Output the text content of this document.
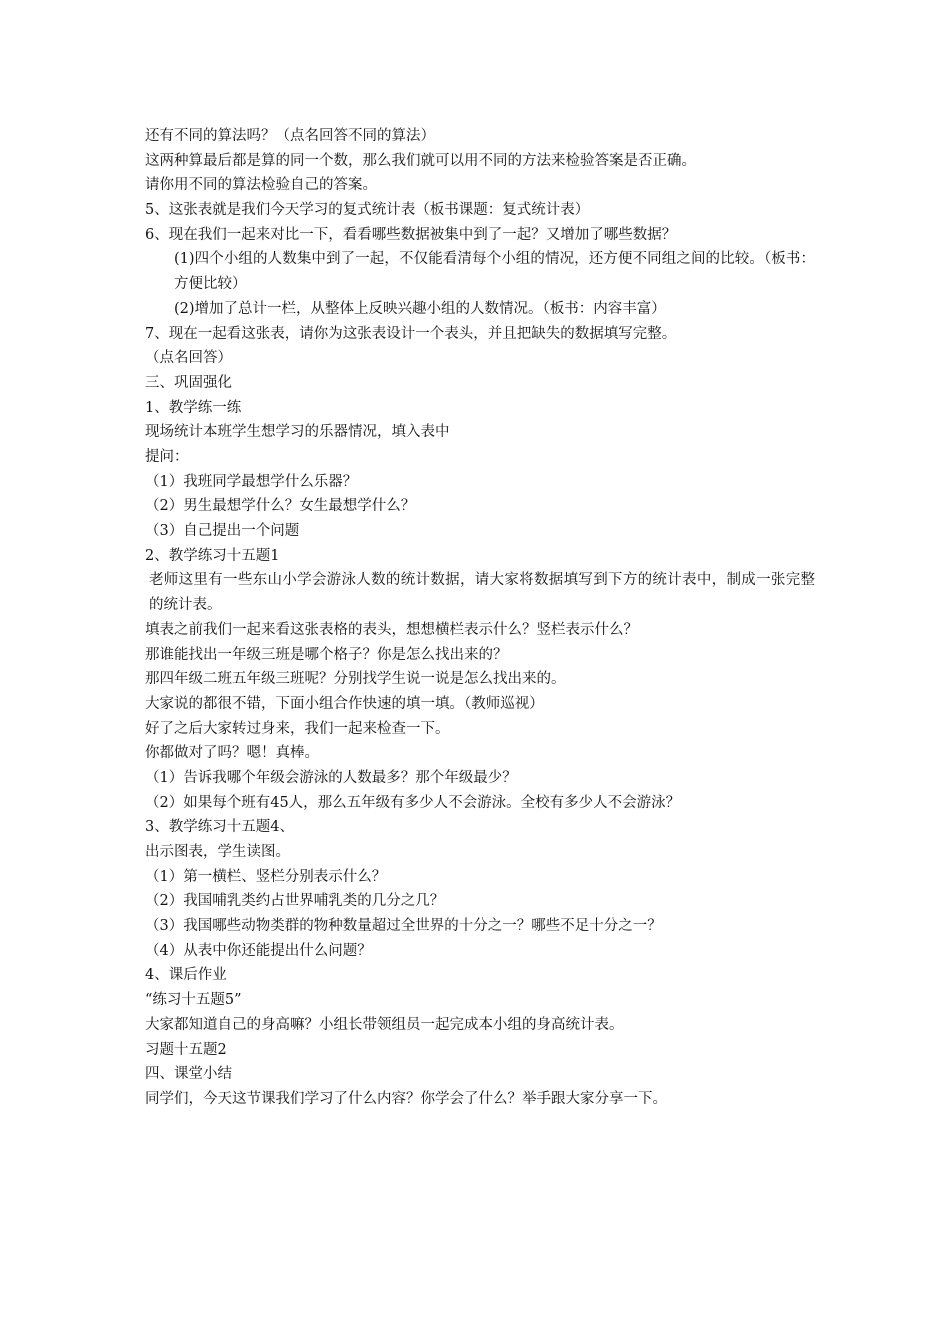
还有不同的算法吗？（点名回答不同的算法）
这两种算最后都是算的同一个数，那么我们就可以用不同的方法来检验答案是否正确。
请你用不同的算法检验自己的答案。
5、这张表就是我们今天学习的复式统计表（板书课题：复式统计表）
6、现在我们一起来对比一下，看看哪些数据被集中到了一起？又增加了哪些数据？
(1)四个小组的人数集中到了一起，不仅能看清每个小组的情况，还方便不同组之间的比较。（板书：方便比较）
(2)增加了总计一栏，从整体上反映兴趣小组的人数情况。（板书：内容丰富）
7、现在一起看这张表，请你为这张表设计一个表头，并且把缺失的数据填写完整。
（点名回答）
三、巩固强化
1、教学练一练
现场统计本班学生想学习的乐器情况，填入表中
提问：
（1）我班同学最想学什么乐器？
（2）男生最想学什么？女生最想学什么？
（3）自己提出一个问题
2、教学练习十五题1
老师这里有一些东山小学会游泳人数的统计数据，请大家将数据填写到下方的统计表中，制成一张完整的统计表。
填表之前我们一起来看这张表格的表头，想想横栏表示什么？竖栏表示什么？
那谁能找出一年级三班是哪个格子？你是怎么找出来的？
那四年级二班五年级三班呢？分别找学生说一说是怎么找出来的。
大家说的都很不错，下面小组合作快速的填一填。（教师巡视）
好了之后大家转过身来，我们一起来检查一下。
你都做对了吗？嗯！真棒。
（1）告诉我哪个年级会游泳的人数最多？那个年级最少？
（2）如果每个班有45人，那么五年级有多少人不会游泳。全校有多少人不会游泳？
3、教学练习十五题4、
出示图表，学生读图。
（1）第一横栏、竖栏分别表示什么？
（2）我国哺乳类约占世界哺乳类的几分之几？
（3）我国哪些动物类群的物种数量超过全世界的十分之一？哪些不足十分之一？
（4）从表中你还能提出什么问题？
4、课后作业
“练习十五题5”
大家都知道自己的身高嘛？小组长带领组员一起完成本小组的身高统计表。
习题十五题2
四、课堂小结
同学们，今天这节课我们学习了什么内容？你学会了什么？举手跟大家分享一下。
